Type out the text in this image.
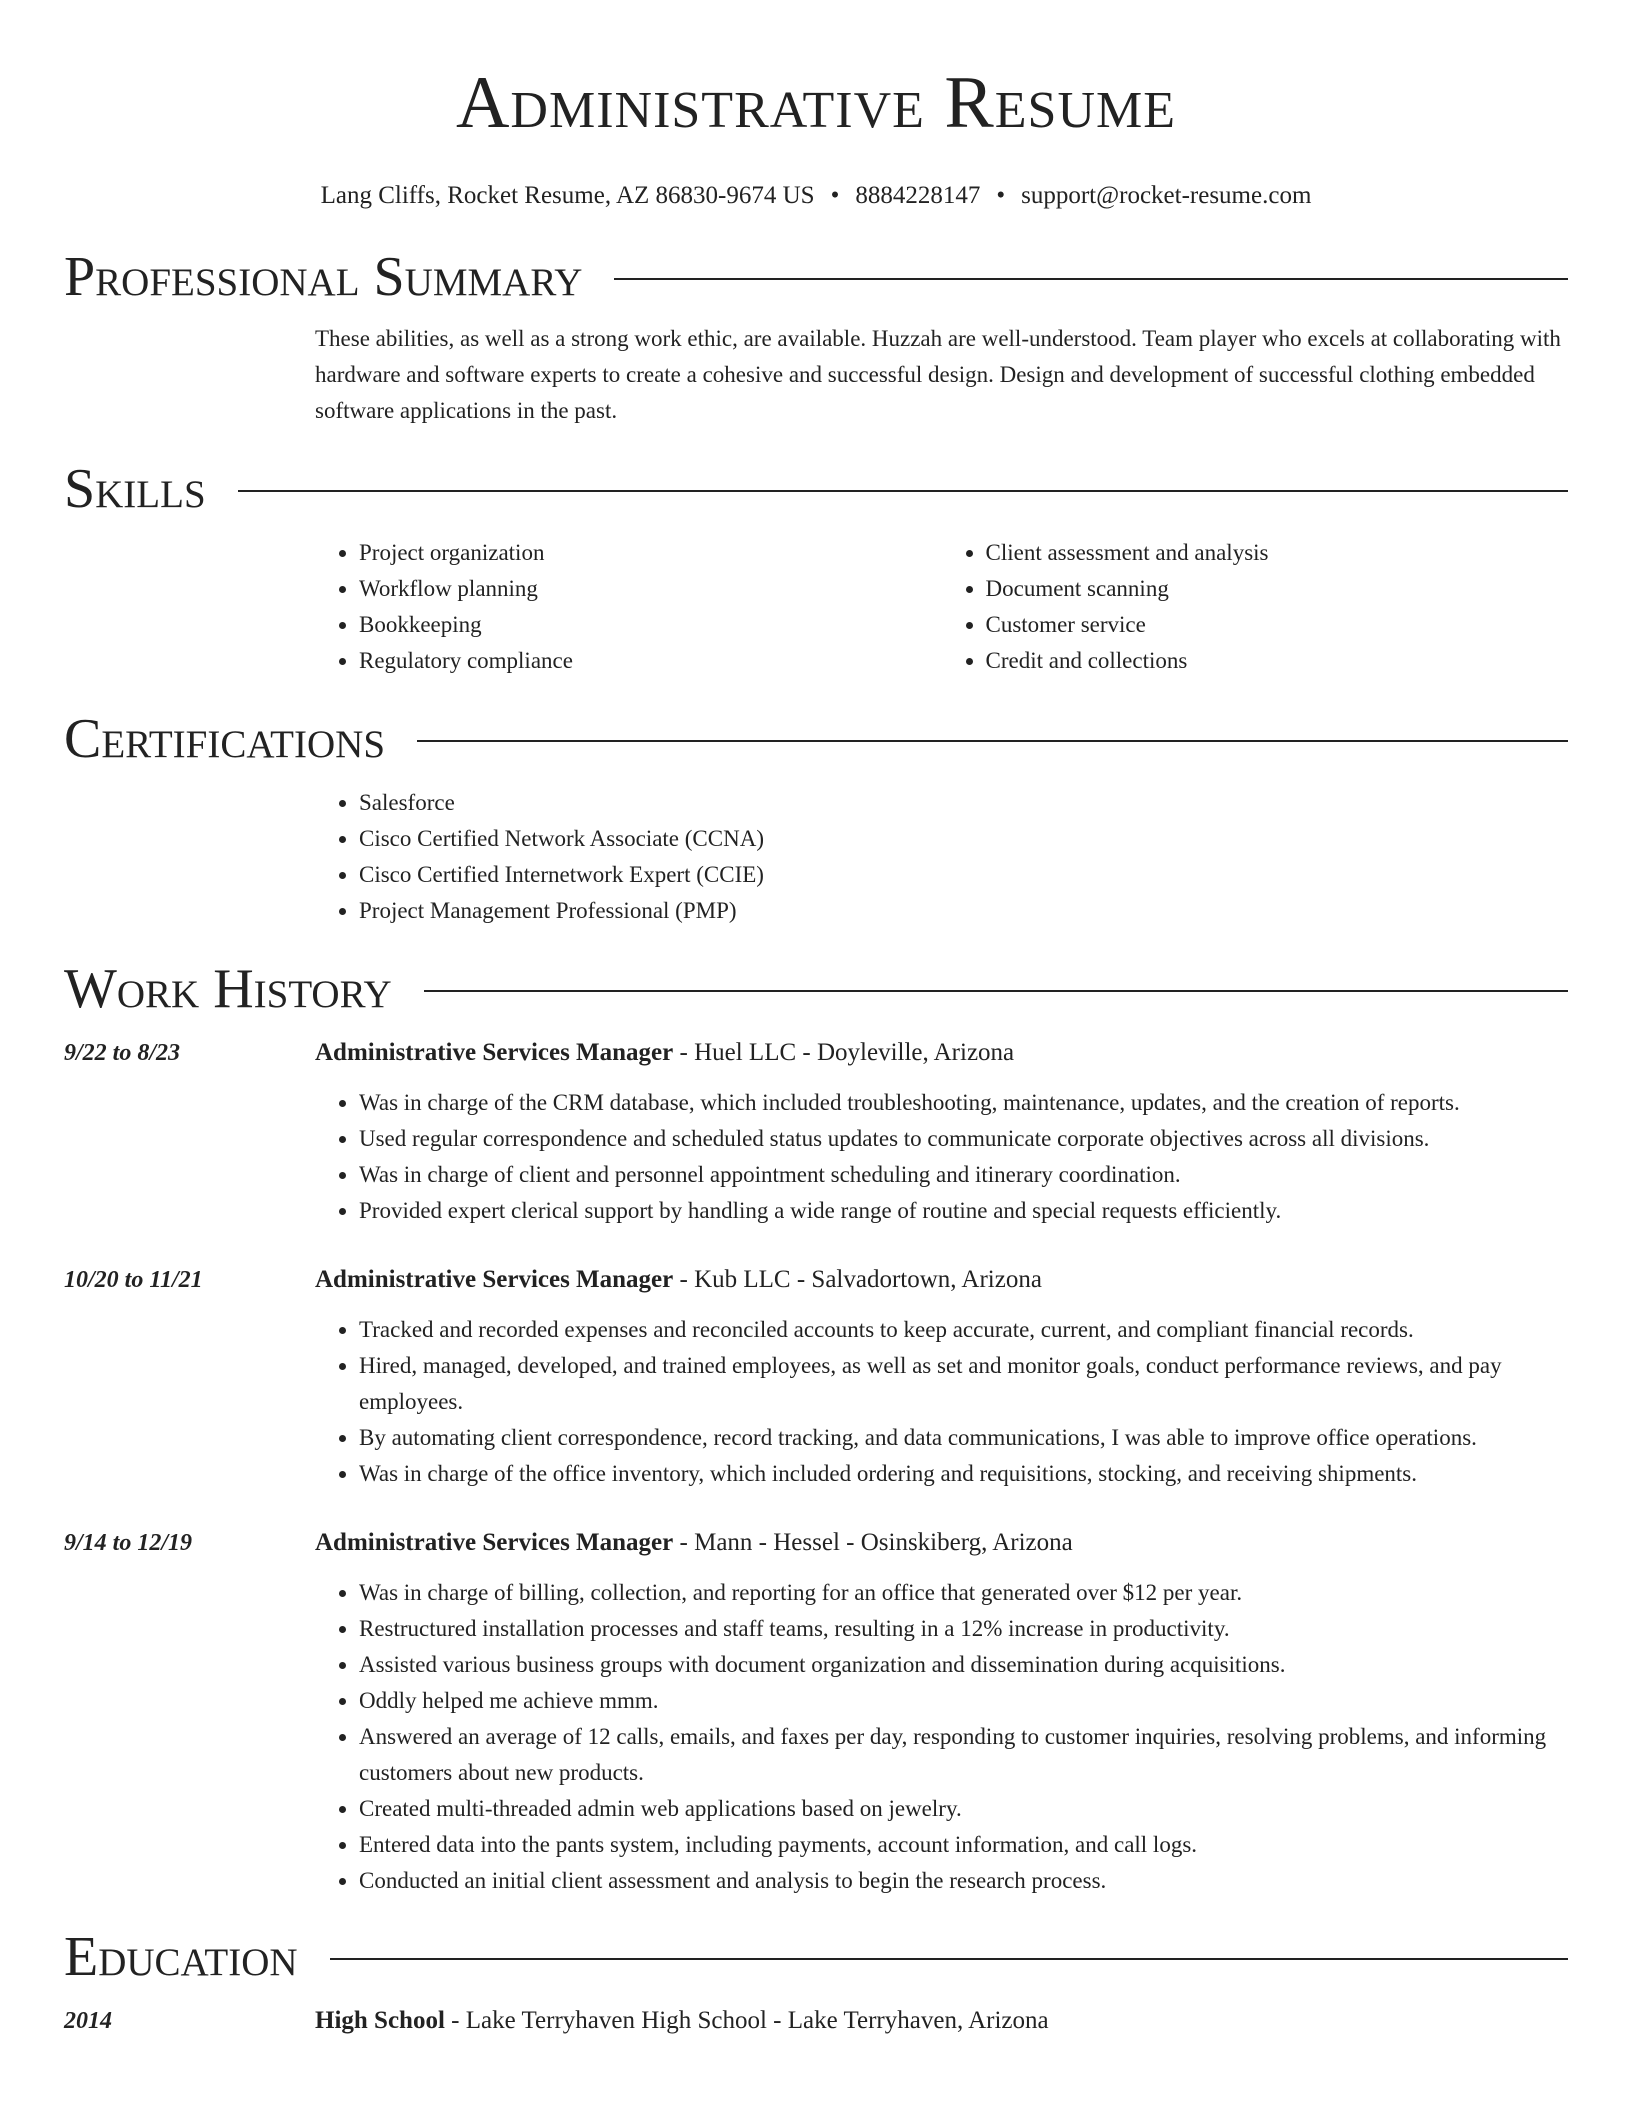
Administrative Resume
Lang Cliffs, Rocket Resume, AZ 86830-9674 US • 8884228147 • support@rocket-resume.com
Professional Summary

These abilities, as well as a strong work ethic, are available. Huzzah are well-understood. Team player who excels at collaborating with hardware and software experts to create a cohesive and successful design. Design and development of successful clothing embedded software applications in the past.

Skills
• Project organization
• Workflow planning
• Bookkeeping
• Regulatory compliance
• Client assessment and analysis
• Document scanning
• Customer service
• Credit and collections
Certifications
• Salesforce
• Cisco Certified Network Associate (CCNA)
• Cisco Certified Internetwork Expert (CCIE)
• Project Management Professional (PMP)
Work History
9/22 to 8/23	Administrative Services Manager - Huel LLC - Doyleville, Arizona
• Was in charge of the CRM database, which included troubleshooting, maintenance, updates, and the creation of reports.
• Used regular correspondence and scheduled status updates to communicate corporate objectives across all divisions.
• Was in charge of client and personnel appointment scheduling and itinerary coordination.
• Provided expert clerical support by handling a wide range of routine and special requests efficiently.
10/20 to 11/21	Administrative Services Manager - Kub LLC - Salvadortown, Arizona
• Tracked and recorded expenses and reconciled accounts to keep accurate, current, and compliant financial records.
• Hired, managed, developed, and trained employees, as well as set and monitor goals, conduct performance reviews, and pay employees.
• By automating client correspondence, record tracking, and data communications, I was able to improve office operations.
• Was in charge of the office inventory, which included ordering and requisitions, stocking, and receiving shipments.
9/14 to 12/19	Administrative Services Manager - Mann - Hessel - Osinskiberg, Arizona
• Was in charge of billing, collection, and reporting for an office that generated over $12 per year.
• Restructured installation processes and staff teams, resulting in a 12% increase in productivity.
• Assisted various business groups with document organization and dissemination during acquisitions.
• Oddly helped me achieve mmm.
• Answered an average of 12 calls, emails, and faxes per day, responding to customer inquiries, resolving problems, and informing customers about new products.
• Created multi-threaded admin web applications based on jewelry.
• Entered data into the pants system, including payments, account information, and call logs.
• Conducted an initial client assessment and analysis to begin the research process.
Education
2014	High School - Lake Terryhaven High School - Lake Terryhaven, Arizona
